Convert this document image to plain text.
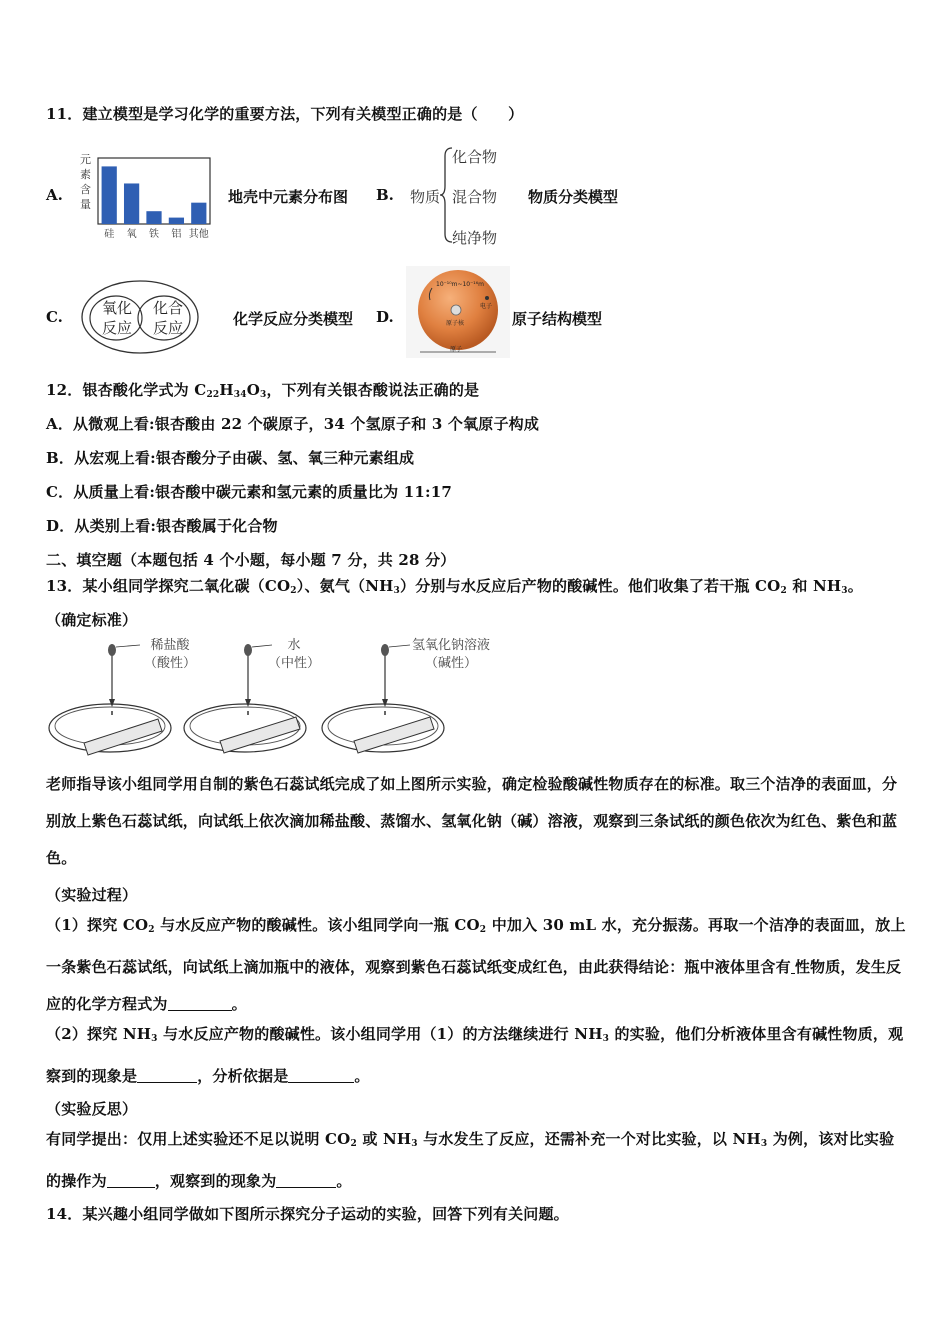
11．建立模型是学习化学的重要方法，下列有关模型正确的是（　　）
A.
元
素
含
量
硅 氧 铁 铝 其他
地壳中元素分布图 B. 物质
化合物
混合物
纯净物
物质分类模型
C.	氧化
反应
化合
反应	化学反应分类模型 D.
10⁻¹⁰m~10⁻¹⁶m
电子
原子核
原子
原子结构模型
12．银杏酸化学式为 $C_{22}H_{34}O_3$，下列有关银杏酸说法正确的是
A．从微观上看:银杏酸由 22 个碳原子，34 个氢原子和 3 个氧原子构成
B．从宏观上看:银杏酸分子由碳、氢、氧三种元素组成
C．从质量上看:银杏酸中碳元素和氢元素的质量比为 11:17
D．从类别上看:银杏酸属于化合物
二、填空题（本题包括 4 个小题，每小题 7 分，共 28 分）
13．某小组同学探究二氧化碳$(CO_2)$、氨气$(NH_3)$分别与水反应后产物的酸碱性。他们收集了若干瓶 $CO_2$ 和 $NH_3$。
（确定标准）
稀盐酸
（酸性）
水
（中性）
氢氧化钠溶液
（碱性）
老师指导该小组同学用自制的紫色石蕊试纸完成了如上图所示实验，确定检验酸碱性物质存在的标准。取三个洁净的表面皿，分别放上紫色石蕊试纸，向试纸上依次滴加稀盐酸、蒸馏水、氢氧化钠（碱）溶液，观察到三条试纸的颜色依次为红色、紫色和蓝色。
（实验过程）
（1）探究 $CO_2$ 与水反应产物的酸碱性。该小组同学向一瓶 $CO_2$ 中加入 30 mL 水，充分振荡。再取一个洁净的表面皿，放上一条紫色石蕊试纸，向试纸上滴加瓶中的液体，观察到紫色石蕊试纸变成红色，由此获得结论：瓶中液体里含有 性物质，发生反应的化学方程式为	。
（2）探究 $NH_3$ 与水反应产物的酸碱性。该小组同学用（1）的方法继续进行 $NH_3$ 的实验，他们分析液体里含有碱性物质，观察到的现象是	，分析依据是	。
（实验反思）
有同学提出：仅用上述实验还不足以说明 $CO_2$ 或 $NH_3$ 与水发生了反应，还需补充一个对比实验，以 $NH_3$ 为例，该对比实验的操作为	，观察到的现象为	。
14．某兴趣小组同学做如下图所示探究分子运动的实验，回答下列有关问题。
